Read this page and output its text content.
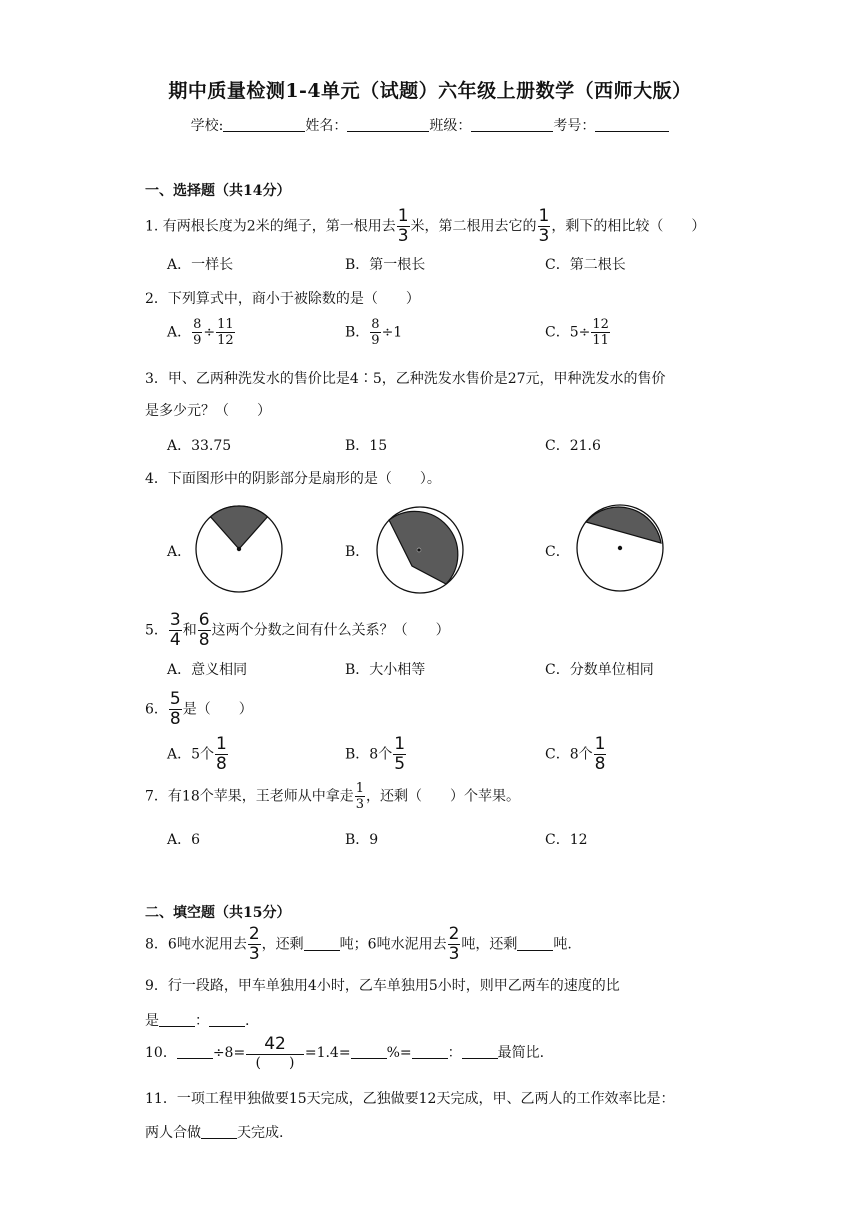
期中质量检测1-4单元（试题）六年级上册数学（西师大版）
学校:	姓名：	班级：	考号：
一、选择题（共14分）
1. 有两根长度为2米的绳子，第一根用去 $\frac{1}{3}$ 米，第二根用去它的 $\frac{1}{3}$ ，剩下的相比较（　　）
A．一样长	B．第一根长	C．第二根长
2．下列算式中，商小于被除数的是（　　）
A． $\frac{8}{9} \div \frac{11}{12}$	B． $\frac{8}{9} \div 1$	C．$5\div \frac{12}{11}$
3．甲、乙两种洗发水的售价比是4∶5，乙种洗发水售价是27元，甲种洗发水的售价
是多少元？（　　）
A．33.75	B．15	C．21.6
4．下面图形中的阴影部分是扇形的是（　　）。
A．	B．	C．
5． $\frac{3}{4}$ 和 $\frac{6}{8}$ 这两个分数之间有什么关系？（　　）
A．意义相同	B．大小相等	C．分数单位相同
6． $\frac{5}{8}$ 是（　　）
A．5个 $\frac{1}{8}$	B．8个 $\frac{1}{5}$	C．8个 $\frac{1}{8}$
7．有18个苹果，王老师从中拿走 $\frac{1}{3}$ ，还剩（　　）个苹果。
A．6	B．9	C．12
二、填空题（共15分）
8．6吨水泥用去 $\frac{2}{3}$ ，还剩	吨；6吨水泥用去 $\frac{2}{3}$ 吨，还剩	吨.
9．行一段路，甲车单独用4小时，乙车单独用5小时，则甲乙两车的速度的比
是	：	.
10．	$\div 8= \frac{42}{( )} =1.4=$	%=	：	最简比.
11．一项工程甲独做要15天完成，乙独做要12天完成，甲、乙两人的工作效率比是：
两人合做	天完成.
